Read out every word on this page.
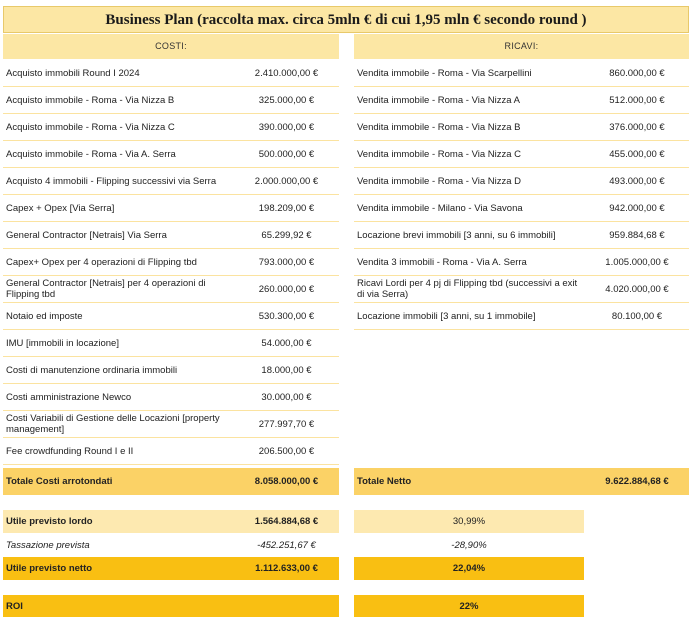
Business Plan (raccolta max. circa 5mln € di cui 1,95 mln € secondo round )
COSTI:	RICAVI:
Acquisto immobili Round I 2024	2.410.000,00 €
Acquisto immobile - Roma - Via Nizza B	325.000,00 €
Acquisto immobile - Roma - Via Nizza C	390.000,00 €
Acquisto immobile - Roma - Via A. Serra	500.000,00 €
Acquisto 4 immobili - Flipping successivi via Serra	2.000.000,00 €
Capex + Opex [Via Serra]	198.209,00 €
General Contractor [Netrais] Via Serra	65.299,92 €
Capex+ Opex per 4 operazioni di Flipping tbd	793.000,00 €
General Contractor [Netrais] per 4 operazioni di Flipping tbd	260.000,00 €
Notaio ed imposte	530.300,00 €
IMU [immobili in locazione]	54.000,00 €
Costi di manutenzione ordinaria immobili	18.000,00 €
Costi amministrazione Newco	30.000,00 €
Costi Variabili di Gestione delle Locazioni [property management]	277.997,70 €
Fee crowdfunding Round I e II	206.500,00 €
Vendita immobile - Roma - Via Scarpellini	860.000,00 €
Vendita immobile - Roma - Via Nizza A	512.000,00 €
Vendita immobile - Roma - Via Nizza B	376.000,00 €
Vendita immobile - Roma - Via Nizza C	455.000,00 €
Vendita immobile - Roma - Via Nizza D	493.000,00 €
Vendita immobile - Milano - Via Savona	942.000,00 €
Locazione brevi immobili [3 anni, su 6 immobili]	959.884,68 €
Vendita 3 immobili - Roma - Via A. Serra	1.005.000,00 €
Ricavi Lordi per 4 pj di Flipping tbd (successivi a exit di via Serra)	4.020.000,00 €
Locazione immobili [3 anni, su 1 immobile]	80.100,00 €
Totale Costi arrotondati	8.058.000,00 €	Totale Netto	9.622.884,68 €
Utile previsto lordo	1.564.884,68 €	30,99%
Tassazione prevista	-452.251,67 €	-28,90%
Utile previsto netto	1.112.633,00 €	22,04%
ROI	22%
